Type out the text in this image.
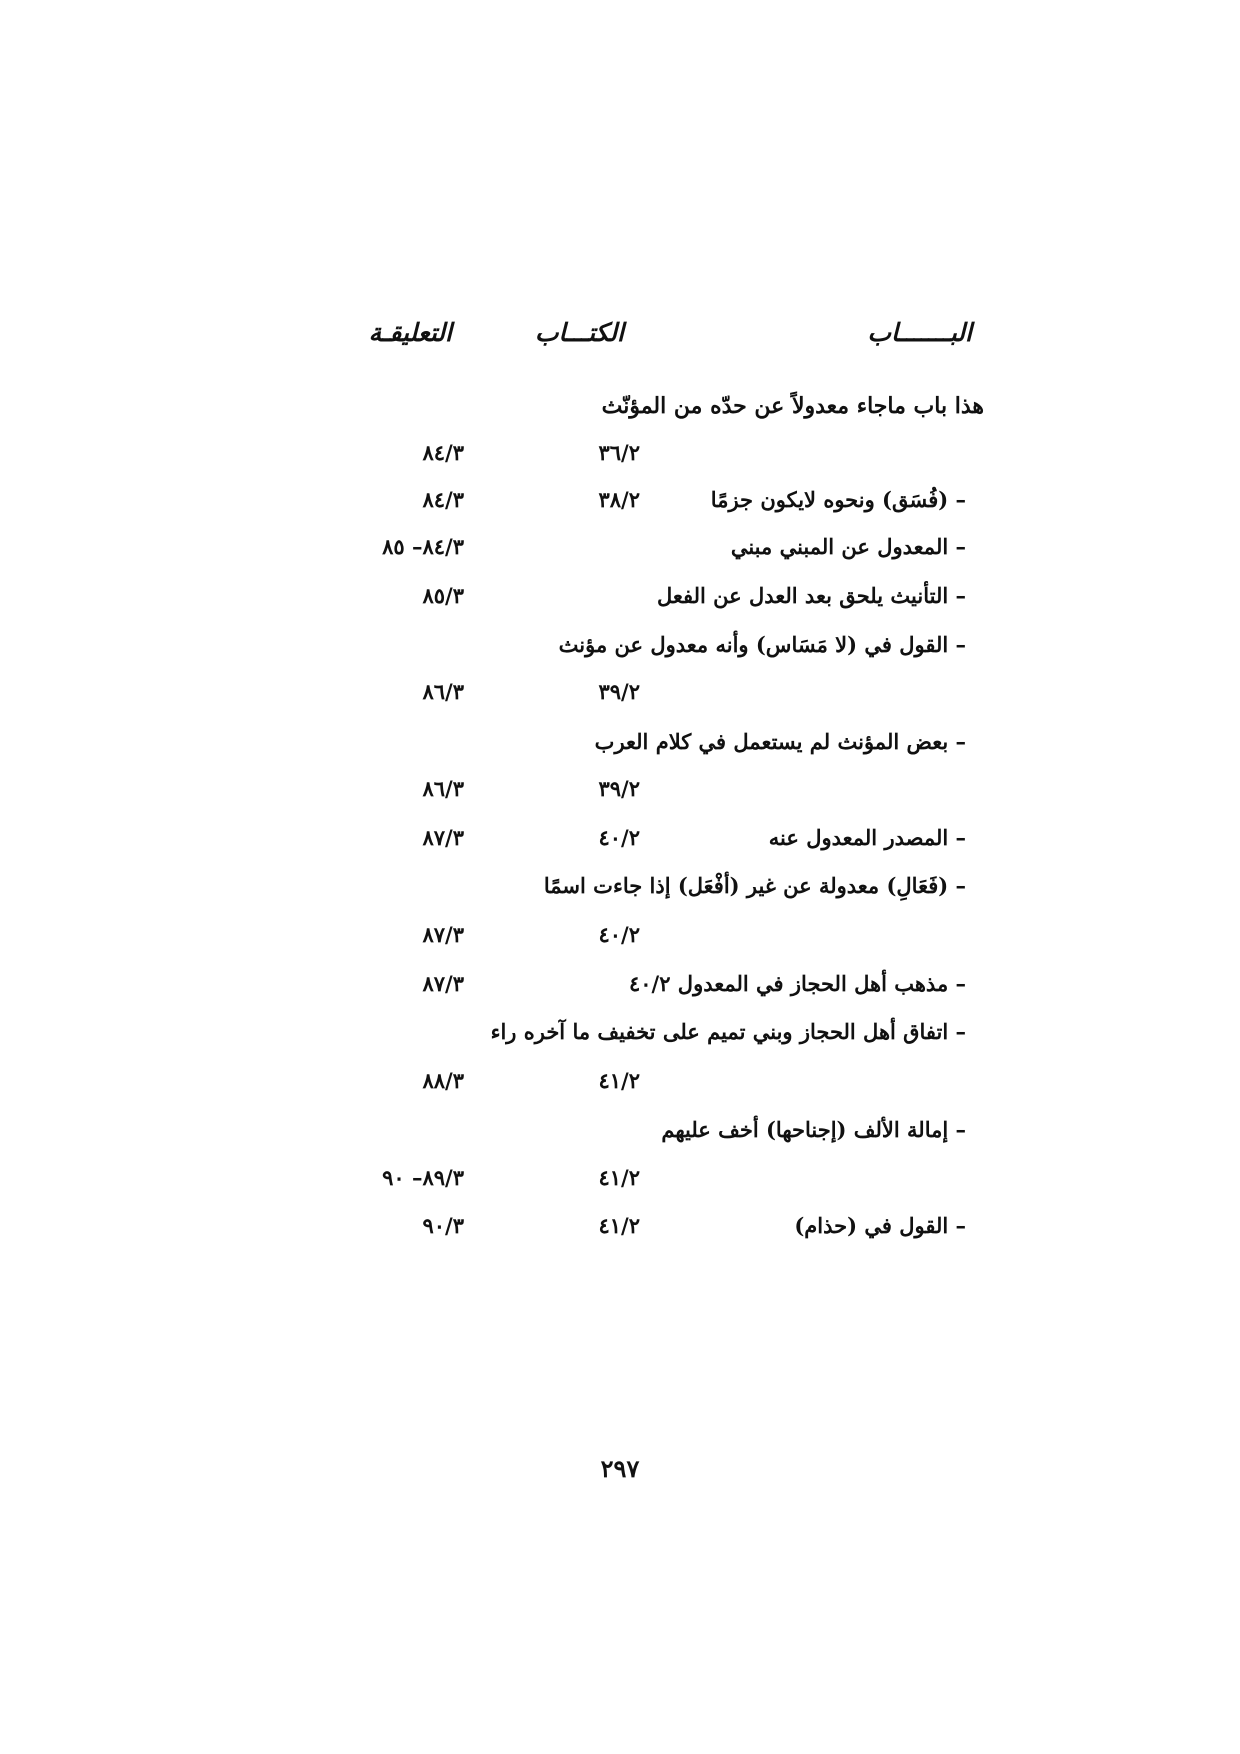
البـــــــاب
الكتـــاب
التعليقـة
هذا باب ماجاء معدولاً عن حدّه من المؤنّث
٣٦/٢
٨٤/٣
– (فُسَق) ونحوه لايكون جزمًا
٣٨/٢
٨٤/٣
– المعدول عن المبني مبني
٨٤/٣– ٨٥
– التأنيث يلحق بعد العدل عن الفعل
٨٥/٣
– القول في (لا مَسَاس) وأنه معدول عن مؤنث
٣٩/٢
٨٦/٣
– بعض المؤنث لم يستعمل في كلام العرب
٣٩/٢
٨٦/٣
– المصدر المعدول عنه
٤٠/٢
٨٧/٣
– (فَعَالِ) معدولة عن غير (أفْعَل) إذا جاءت اسمًا
٤٠/٢
٨٧/٣
– مذهب أهل الحجاز في المعدول ٤٠/٢
٨٧/٣
– اتفاق أهل الحجاز وبني تميم على تخفيف ما آخره راء
٤١/٢
٨٨/٣
– إمالة الألف (إجناحها) أخف عليهم
٤١/٢
٨٩/٣– ٩٠
– القول في (حذام)
٤١/٢
٩٠/٣
٢٩٧
